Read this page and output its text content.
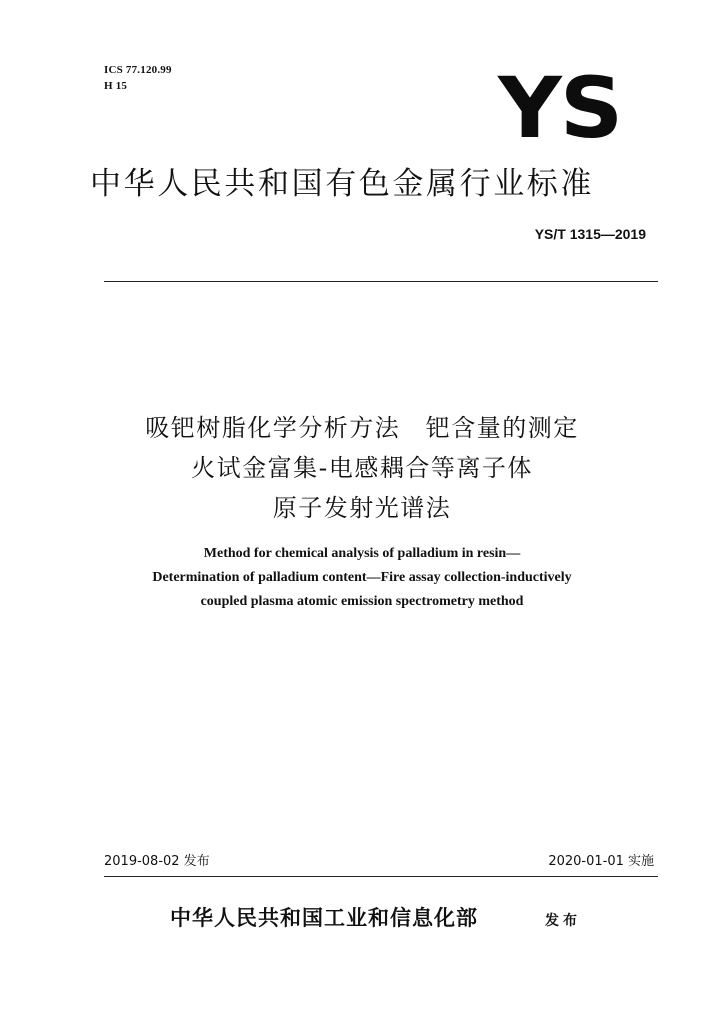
ICS 77.120.99
H 15	YS
中华人民共和国有色金属行业标准
YS/T 1315—2019
吸钯树脂化学分析方法　钯含量的测定
火试金富集-电感耦合等离子体
原子发射光谱法
Method for chemical analysis of palladium in resin—
Determination of palladium content—Fire assay collection-inductively
coupled plasma atomic emission spectrometry method
2019-08-02 发布	2020-01-01 实施
中华人民共和国工业和信息化部	发布
